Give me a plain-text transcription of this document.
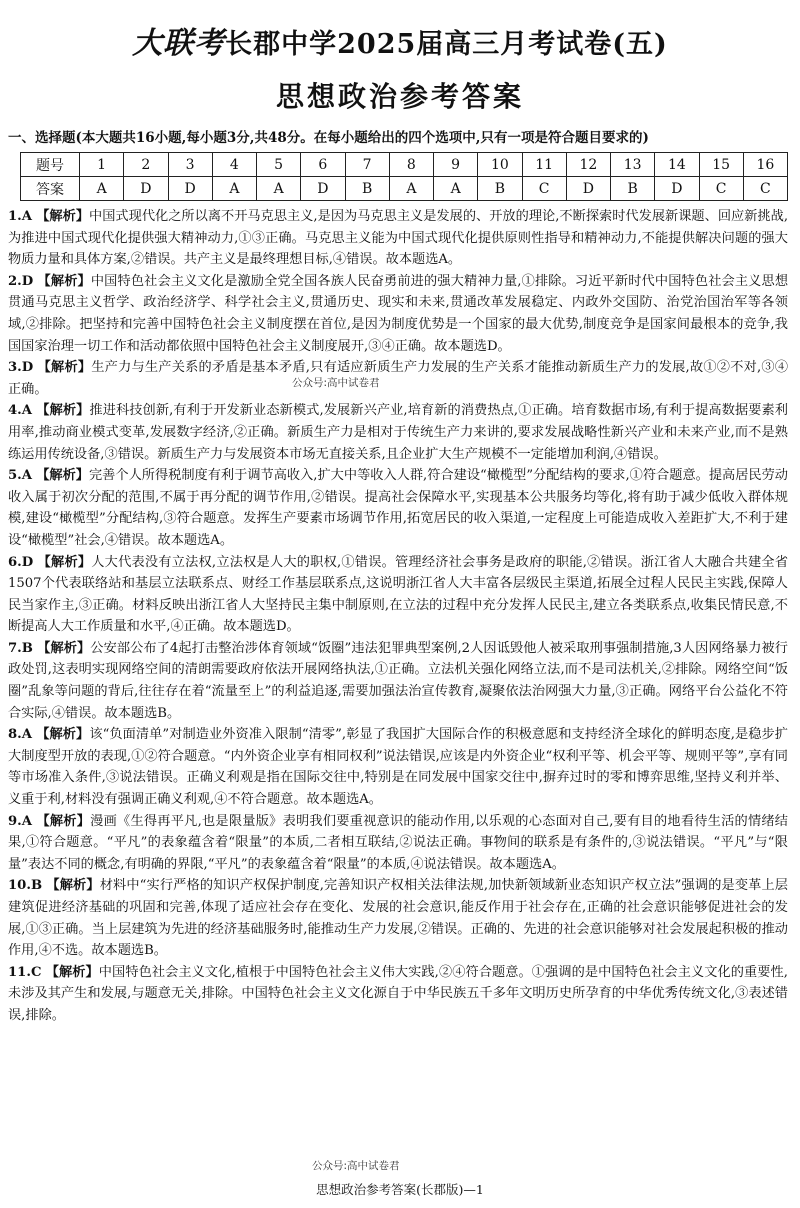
大联考长郡中学2025届高三月考试卷(五)
思想政治参考答案
一、选择题(本大题共16小题,每小题3分,共48分。在每小题给出的四个选项中,只有一项是符合题目要求的)
题号	1	2	3	4	5	6	7	8	9	10	11	12	13	14	15	16
答案	A	D	D	A	A	D	B	A	A	B	C	D	B	D	C	C

1.A 【解析】中国式现代化之所以离不开马克思主义,是因为马克思主义是发展的、开放的理论,不断探索时代发展新课题、回应新挑战,为推进中国式现代化提供强大精神动力,①③正确。马克思主义能为中国式现代化提供原则性指导和精神动力,不能提供解决问题的强大物质力量和具体方案,②错误。共产主义是最终理想目标,④错误。故本题选A。

2.D 【解析】中国特色社会主义文化是激励全党全国各族人民奋勇前进的强大精神力量,①排除。习近平新时代中国特色社会主义思想贯通马克思主义哲学、政治经济学、科学社会主义,贯通历史、现实和未来,贯通改革发展稳定、内政外交国防、治党治国治军等各领域,②排除。把坚持和完善中国特色社会主义制度摆在首位,是因为制度优势是一个国家的最大优势,制度竞争是国家间最根本的竞争,我国国家治理一切工作和活动都依照中国特色社会主义制度展开,③④正确。故本题选D。

3.D 【解析】生产力与生产关系的矛盾是基本矛盾,只有适应新质生产力发展的生产关系才能推动新质生产力的发展,故①②不对,③④正确。

4.A 【解析】推进科技创新,有利于开发新业态新模式,发展新兴产业,培育新的消费热点,①正确。培育数据市场,有利于提高数据要素利用率,推动商业模式变革,发展数字经济,②正确。新质生产力是相对于传统生产力来讲的,要求发展战略性新兴产业和未来产业,而不是熟练运用传统设备,③错误。新质生产力与发展资本市场无直接关系,且企业扩大生产规模不一定能增加利润,④错误。

5.A 【解析】完善个人所得税制度有利于调节高收入,扩大中等收入人群,符合建设“橄榄型”分配结构的要求,①符合题意。提高居民劳动收入属于初次分配的范围,不属于再分配的调节作用,②错误。提高社会保障水平,实现基本公共服务均等化,将有助于减少低收入群体规模,建设“橄榄型”分配结构,③符合题意。发挥生产要素市场调节作用,拓宽居民的收入渠道,一定程度上可能造成收入差距扩大,不利于建设“橄榄型”社会,④错误。故本题选A。

6.D 【解析】人大代表没有立法权,立法权是人大的职权,①错误。管理经济社会事务是政府的职能,②错误。浙江省人大融合共建全省1507个代表联络站和基层立法联系点、财经工作基层联系点,这说明浙江省人大丰富各层级民主渠道,拓展全过程人民民主实践,保障人民当家作主,③正确。材料反映出浙江省人大坚持民主集中制原则,在立法的过程中充分发挥人民民主,建立各类联系点,收集民情民意,不断提高人大工作质量和水平,④正确。故本题选D。

7.B 【解析】公安部公布了4起打击整治涉体育领域“饭圈”违法犯罪典型案例,2人因诋毁他人被采取刑事强制措施,3人因网络暴力被行政处罚,这表明实现网络空间的清朗需要政府依法开展网络执法,①正确。立法机关强化网络立法,而不是司法机关,②排除。网络空间“饭圈”乱象等问题的背后,往往存在着“流量至上”的利益追逐,需要加强法治宣传教育,凝聚依法治网强大力量,③正确。网络平台公益化不符合实际,④错误。故本题选B。

8.A 【解析】该“负面清单”对制造业外资准入限制“清零”,彰显了我国扩大国际合作的积极意愿和支持经济全球化的鲜明态度,是稳步扩大制度型开放的表现,①②符合题意。“内外资企业享有相同权利”说法错误,应该是内外资企业“权利平等、机会平等、规则平等”,享有同等市场准入条件,③说法错误。正确义利观是指在国际交往中,特别是在同发展中国家交往中,摒弃过时的零和博弈思维,坚持义利并举、义重于利,材料没有强调正确义利观,④不符合题意。故本题选A。

9.A 【解析】漫画《生得再平凡,也是限量版》表明我们要重视意识的能动作用,以乐观的心态面对自己,要有目的地看待生活的情绪结果,①符合题意。“平凡”的表象蕴含着“限量”的本质,二者相互联结,②说法正确。事物间的联系是有条件的,③说法错误。“平凡”与“限量”表达不同的概念,有明确的界限,“平凡”的表象蕴含着“限量”的本质,④说法错误。故本题选A。

10.B 【解析】材料中“实行严格的知识产权保护制度,完善知识产权相关法律法规,加快新领域新业态知识产权立法”强调的是变革上层建筑促进经济基础的巩固和完善,体现了适应社会存在变化、发展的社会意识,能反作用于社会存在,正确的社会意识能够促进社会的发展,①③正确。当上层建筑为先进的经济基础服务时,能推动生产力发展,②错误。正确的、先进的社会意识能够对社会发展起积极的推动作用,④不选。故本题选B。

11.C 【解析】中国特色社会主义文化,植根于中国特色社会主义伟大实践,②④符合题意。①强调的是中国特色社会主义文化的重要性,未涉及其产生和发展,与题意无关,排除。中国特色社会主义文化源自于中华民族五千多年文明历史所孕育的中华优秀传统文化,③表述错误,排除。

公众号:高中试卷君
公众号:高中试卷君
思想政治参考答案(长郡版)—1
